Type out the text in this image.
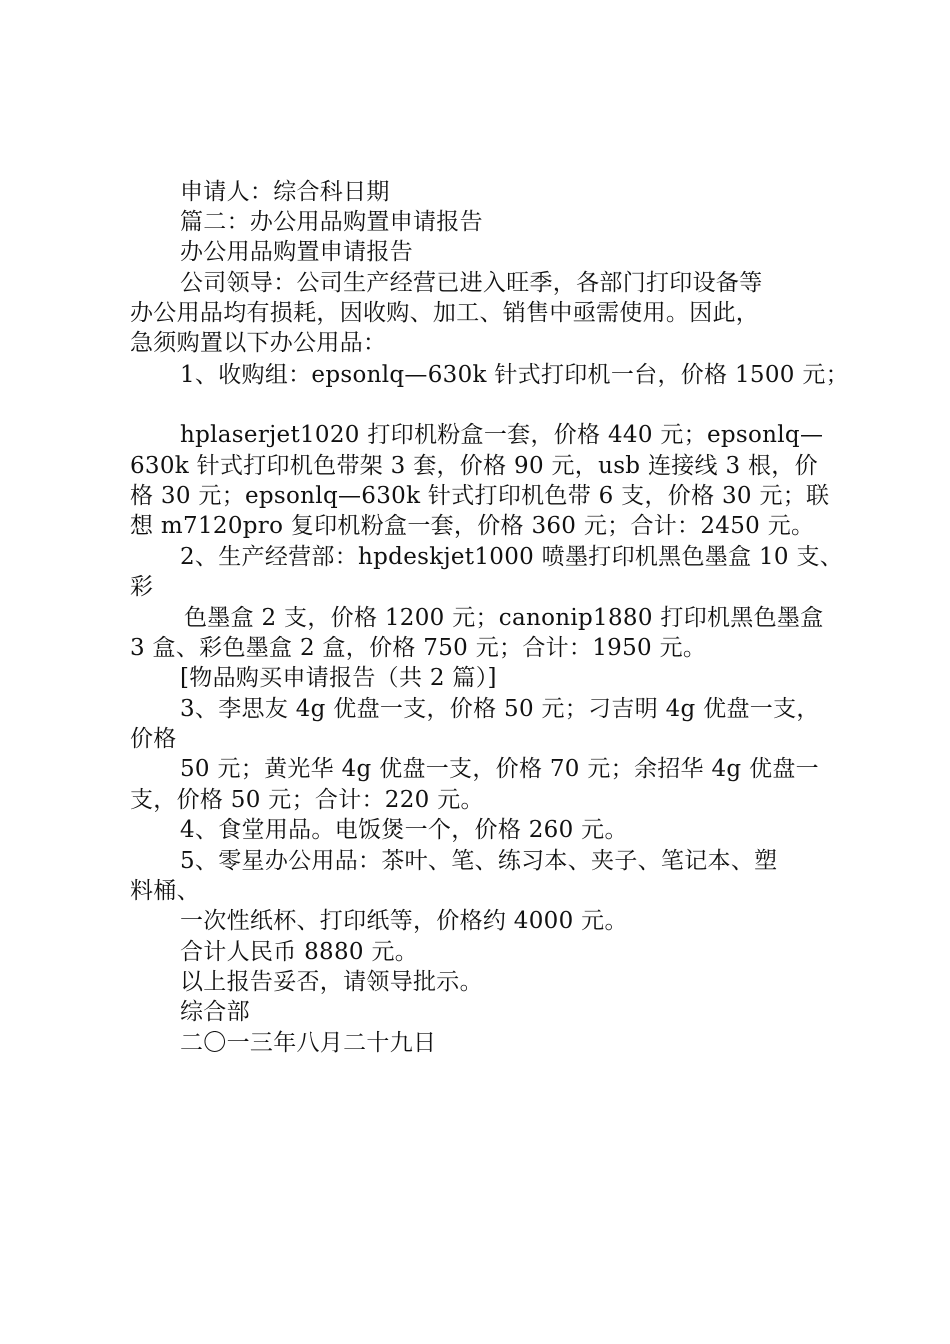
申请人：综合科日期

篇二：办公用品购置申请报告

办公用品购置申请报告

公司领导：公司生产经营已进入旺季，各部门打印设备等

办公用品均有损耗，因收购、加工、销售中亟需使用。因此，

急须购置以下办公用品：

1、收购组：epsonlq—630k 针式打印机一台，价格 1500 元；

hplaserjet1020 打印机粉盒一套，价格 440 元；epsonlq—

630k 针式打印机色带架 3 套，价格 90 元，usb 连接线 3 根，价

格 30 元；epsonlq—630k 针式打印机色带 6 支，价格 30 元；联

想 m7120pro 复印机粉盒一套，价格 360 元；合计：2450 元。

2、生产经营部：hpdeskjet1000 喷墨打印机黑色墨盒 10 支、

彩

色墨盒 2 支，价格 1200 元；canonip1880 打印机黑色墨盒

3 盒、彩色墨盒 2 盒，价格 750 元；合计：1950 元。

[物品购买申请报告（共 2 篇）]

3、李思友 4g 优盘一支，价格 50 元；刁吉明 4g 优盘一支，

价格

50 元；黄光华 4g 优盘一支，价格 70 元；余招华 4g 优盘一

支，价格 50 元；合计：220 元。

4、食堂用品。电饭煲一个，价格 260 元。

5、零星办公用品：茶叶、笔、练习本、夹子、笔记本、塑

料桶、

一次性纸杯、打印纸等，价格约 4000 元。

合计人民币 8880 元。

以上报告妥否，请领导批示。

综合部

二〇一三年八月二十九日
